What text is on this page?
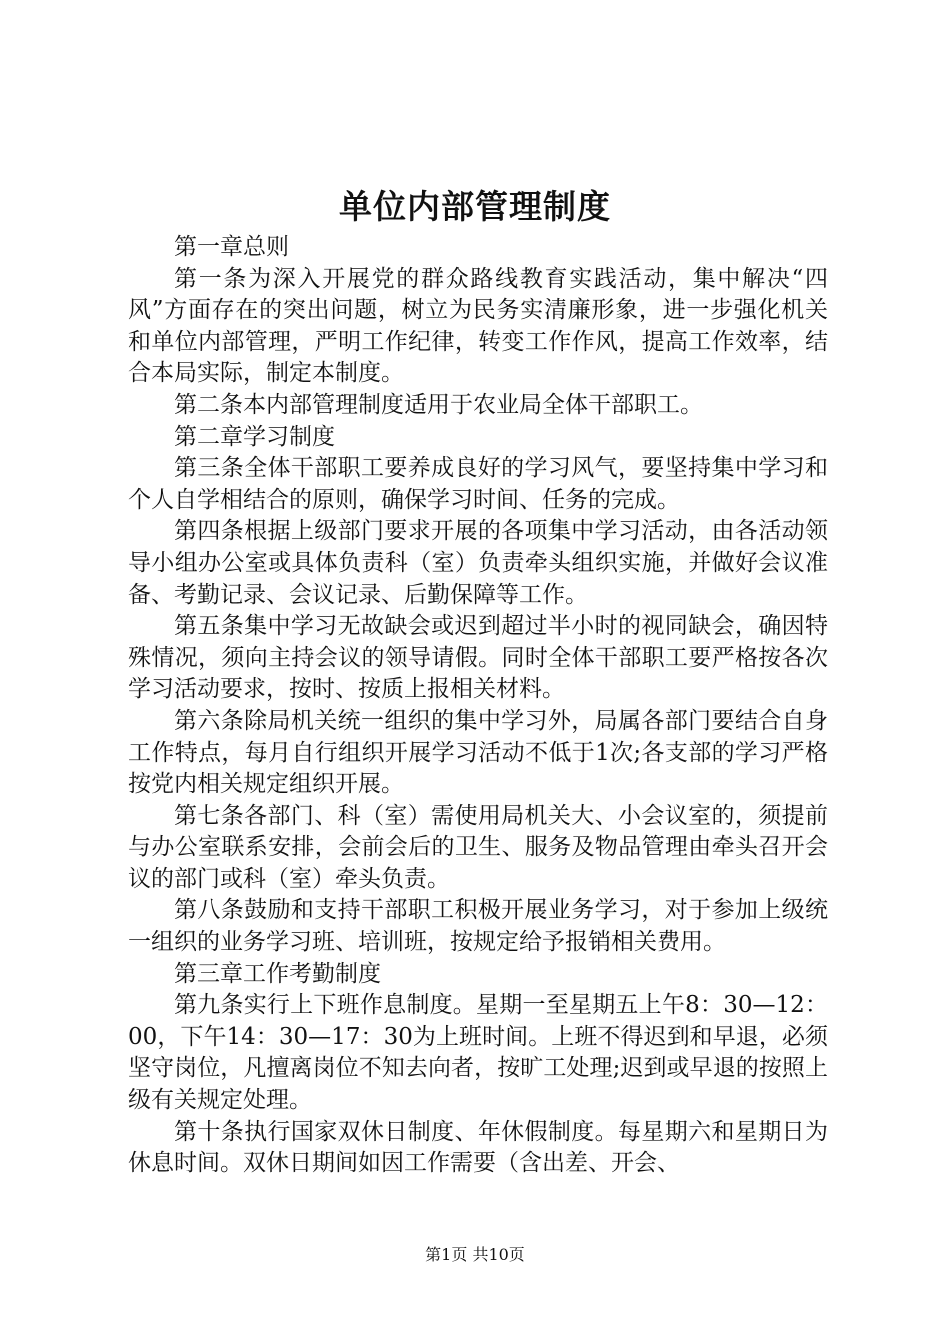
单位内部管理制度

第一章总则

第一条为深入开展党的群众路线教育实践活动，集中解决“四风”方面存在的突出问题，树立为民务实清廉形象，进一步强化机关和单位内部管理，严明工作纪律，转变工作作风，提高工作效率，结合本局实际，制定本制度。

第二条本内部管理制度适用于农业局全体干部职工。

第二章学习制度

第三条全体干部职工要养成良好的学习风气，要坚持集中学习和个人自学相结合的原则，确保学习时间、任务的完成。

第四条根据上级部门要求开展的各项集中学习活动，由各活动领导小组办公室或具体负责科（室）负责牵头组织实施，并做好会议准备、考勤记录、会议记录、后勤保障等工作。

第五条集中学习无故缺会或迟到超过半小时的视同缺会，确因特殊情况，须向主持会议的领导请假。同时全体干部职工要严格按各次学习活动要求，按时、按质上报相关材料。

第六条除局机关统一组织的集中学习外，局属各部门要结合自身工作特点，每月自行组织开展学习活动不低于1次;各支部的学习严格按党内相关规定组织开展。

第七条各部门、科（室）需使用局机关大、小会议室的，须提前与办公室联系安排，会前会后的卫生、服务及物品管理由牵头召开会议的部门或科（室）牵头负责。

第八条鼓励和支持干部职工积极开展业务学习，对于参加上级统一组织的业务学习班、培训班，按规定给予报销相关费用。

第三章工作考勤制度

第九条实行上下班作息制度。星期一至星期五上午8：30—12：00，下午14：30—17：30为上班时间。上班不得迟到和早退，必须坚守岗位，凡擅离岗位不知去向者，按旷工处理;迟到或早退的按照上级有关规定处理。

第十条执行国家双休日制度、年休假制度。每星期六和星期日为休息时间。双休日期间如因工作需要（含出差、开会、

第1页 共10页
